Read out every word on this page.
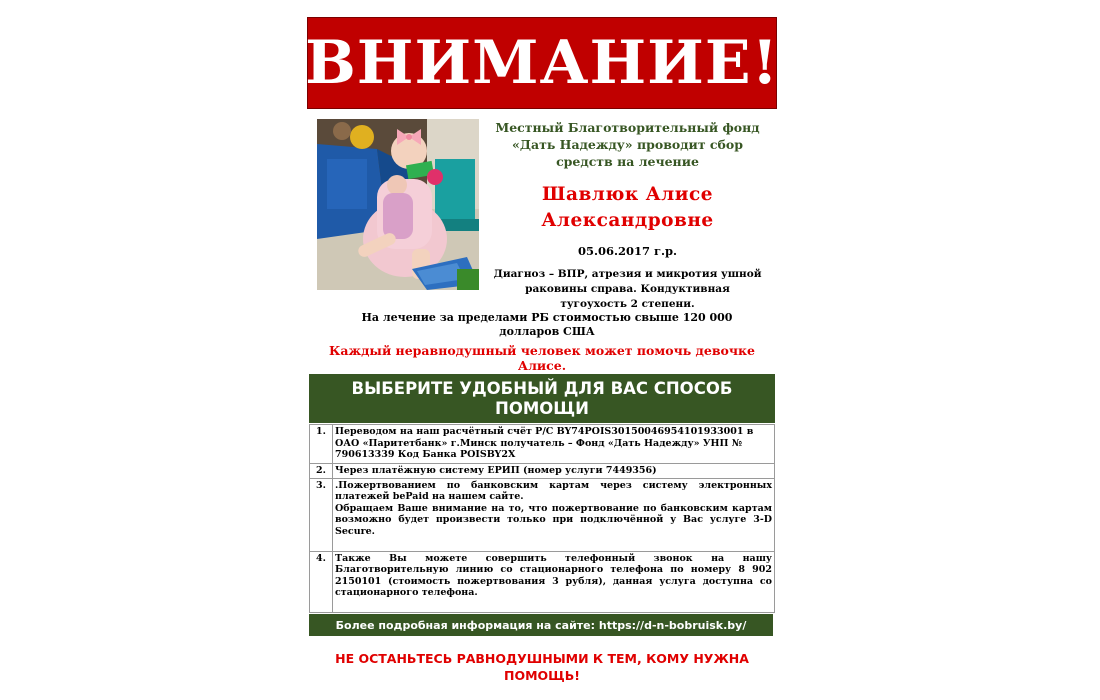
ВНИМАНИЕ!

Местный Благотворительный фонд «Дать Надежду» проводит сбор средств на лечение

Шавлюк Алисе

Александровне

05.06.2017 г.р.

Диагноз – ВПР, атрезия и микротия ушной раковины справа. Кондуктивная тугоухость 2 степени.

На лечение за пределами РБ стоимостью свыше 120 000 долларов США
Каждый неравнодушный человек может помочь девочке Алисе.
ВЫБЕРИТЕ УДОБНЫЙ ДЛЯ ВАС СПОСОБ ПОМОЩИ
1.	Переводом на наш расчётный счёт Р/С BY74POIS30150046954101933001 в ОАО «Паритетбанк» г.Минск получатель – Фонд «Дать Надежду» УНП № 790613339 Код Банка POISBY2X
2.	Через платёжную систему ЕРИП (номер услуги 7449356)
3.	.Пожертвованием по банковским картам через систему электронных платежей bePaid на нашем сайте.

Обращаем Ваше внимание на то, что пожертвование по банковским картам возможно будет произвести только при подключённой у Вас услуге 3-D Secure.

4.	Также Вы можете совершить телефонный звонок на нашу Благотворительную линию со стационарного телефона по номеру 8 902 2150101 (стоимость пожертвования 3 рубля), данная услуга доступна со стационарного телефона.
Более подробная информация на сайте: https://d-n-bobruisk.by/
НЕ ОСТАНЬТЕСЬ РАВНОДУШНЫМИ К ТЕМ, КОМУ НУЖНА ПОМОЩЬ!
